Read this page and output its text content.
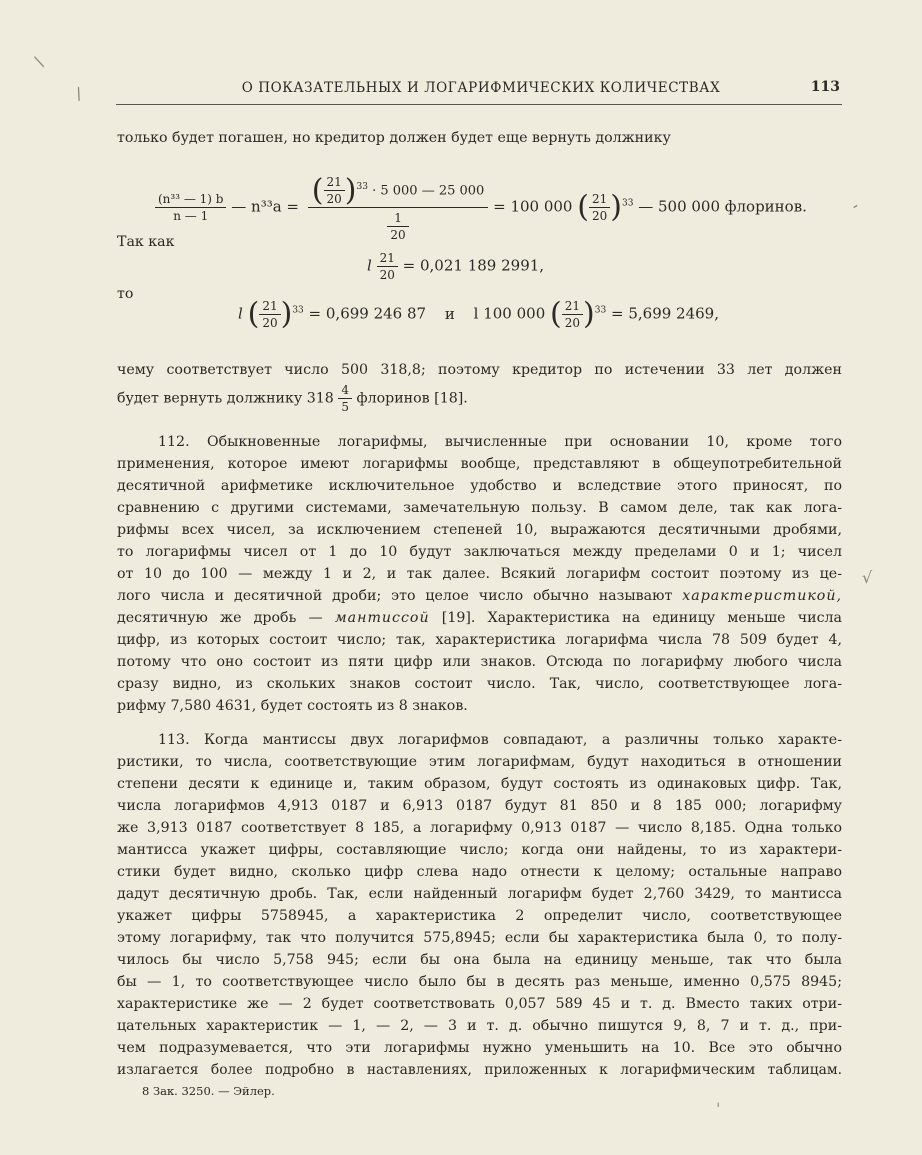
О ПОКАЗАТЕЛЬНЫХ И ЛОГАРИФМИЧЕСКИХ КОЛИЧЕСТВАХ	113
только будет погашен, но кредитор должен будет еще вернуть должнику
$\frac{\text{(n³³ — 1) b}}{n — 1}$ — $n^{33}a = \frac{( \frac{21}{20} )^{33} \cdot 5 000 — 25 000}{\frac{1}{20}} = 100$ 000 ( $\frac{21}{20} )^{33}$ — 500 000 флоринов.
Так как
l $\frac{21}{20} = 0,021$ 189 2991,
то
l ( $\frac{21}{20} )^{33} = 0,699$ 246 87 и l 100 000 ( $\frac{21}{20} )^{33} = 5,699$ 2469,
чему соответствует число 500 318,8; поэтому кредитор по истечении 33 лет должен
будет вернуть должнику $318 \frac{4}{5}$ флоринов [18].
112. Обыкновенные логарифмы, вычисленные при основании 10, кроме того
применения, которое имеют логарифмы вообще, представляют в общеупотребительной
десятичной арифметике исключительное удобство и вследствие этого приносят, по
сравнению с другими системами, замечательную пользу. В самом деле, так как лога-
рифмы всех чисел, за исключением степеней 10, выражаются десятичными дробями,
то логарифмы чисел от 1 до 10 будут заключаться между пределами 0 и 1; чисел
от 10 до 100 — между 1 и 2, и так далее. Всякий логарифм состоит поэтому из це-
лого числа и десятичной дроби; это целое число обычно называют характеристикой,
десятичную же дробь — мантиссой [19]. Характеристика на единицу меньше числа
цифр, из которых состоит число; так, характеристика логарифма числа 78 509 будет 4,
потому что оно состоит из пяти цифр или знаков. Отсюда по логарифму любого числа
сразу видно, из скольких знаков состоит число. Так, число, соответствующее лога-
рифму 7,580 4631, будет состоять из 8 знаков.
113. Когда мантиссы двух логарифмов совпадают, а различны только характе-
ристики, то числа, соответствующие этим логарифмам, будут находиться в отношении
степени десяти к единице и, таким образом, будут состоять из одинаковых цифр. Так,
числа логарифмов 4,913 0187 и 6,913 0187 будут 81 850 и 8 185 000; логарифму
же 3,913 0187 соответствует 8 185, а логарифму 0,913 0187 — число 8,185. Одна только
мантисса укажет цифры, составляющие число; когда они найдены, то из характери-
стики будет видно, сколько цифр слева надо отнести к целому; остальные направо
дадут десятичную дробь. Так, если найденный логарифм будет 2,760 3429, то мантисса
укажет цифры 5758945, а характеристика 2 определит число, соответствующее
этому логарифму, так что получится 575,8945; если бы характеристика была 0, то полу-
чилось бы число 5,758 945; если бы она была на единицу меньше, так что была
бы — 1, то соответствующее число было бы в десять раз меньше, именно 0,575 8945;
характеристике же — 2 будет соответствовать 0,057 589 45 и т. д. Вместо таких отри-
цательных характеристик — 1, — 2, — 3 и т. д. обычно пишутся 9, 8, 7 и т. д., при-
чем подразумевается, что эти логарифмы нужно уменьшить на 10. Все это обычно
излагается более подробно в наставлениях, приложенных к логарифмическим таблицам.
8 Зак. 3250. — Эйлер.
/
/
√
-
ˈ
